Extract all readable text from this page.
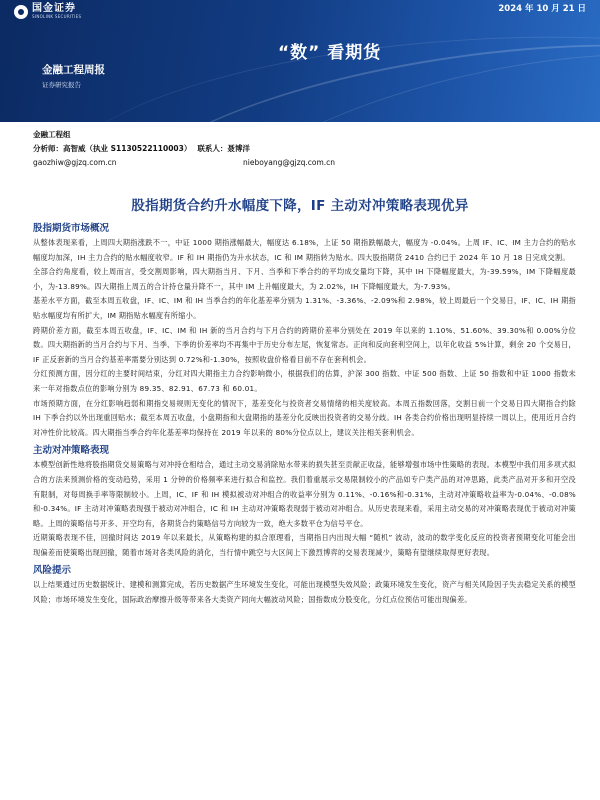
国金证券
SINOLINK SECURITIES
2024 年 10 月 21 日
金融工程周报
证券研究报告
“数” 看期货
金融工程组
分析师： 高智威（执业 S1130522110003） 联系人： 聂博洋
gaozhiw@gjzq.com.cn	nieboyang@gjzq.com.cn
股指期货合约升水幅度下降，IF 主动对冲策略表现优异
股指期货市场概况

从整体表现来看，上周四大期指涨跌不一，中证 1000 期指涨幅最大，幅度达 6.18%，上证 50 期指跌幅最大，幅度为 -0.04%。上周 IF、IC、IM 主力合约的贴水幅度均加深，IH 主力合约的贴水幅度收窄。IF 和 IH 期指仍为升水状态，IC 和 IM 期指转为贴水。四大股指期货 2410 合约已于 2024 年 10 月 18 日完成交割。

全部合约角度看，较上周而言，受交割周影响，四大期指当月、下月、当季和下季合约的平均成交量均下降，其中 IH 下降幅度最大，为-39.59%，IM 下降幅度最小，为-13.89%。四大期指上周五的合计持仓量升降不一，其中 IM 上升幅度最大，为 2.02%，IH 下降幅度最大，为-7.93%。

基差水平方面，截至本周五收盘，IF、IC、IM 和 IH 当季合约的年化基差率分别为 1.31%、-3.36%、-2.09%和 2.98%，较上周最后一个交易日，IF、IC、IH 期指贴水幅度均有所扩大，IM 期指贴水幅度有所缩小。

跨期价差方面，截至本周五收盘，IF、IC、IM 和 IH 新的当月合约与下月合约的跨期价差率分别处在 2019 年以来的 1.10%、51.60%、39.30%和 0.00%分位数。四大期指新的当月合约与下月、当季、下季的价差率均不再集中于历史分布左尾，恢复常态。正向和反向套利空间上，以年化收益 5%计算，剩余 20 个交易日，IF 正反套新的当月合约基差率需要分别达到 0.72%和-1.30%，按照收盘价格看目前不存在套利机会。

分红预测方面，因分红的主要时间结束，分红对四大期指主力合约影响微小，根据我们的估算，沪深 300 指数、中证 500 指数、上证 50 指数和中证 1000 指数未来一年对指数点位的影响分别为 89.35、82.91、67.73 和 60.01。

市场预期方面，在分红影响趋弱和期指交易规则无变化的情况下，基差变化与投资者交易情绪的相关度较高。本周五指数回落，交割日前一个交易日四大期指合约除 IH 下季合约以外出现重回贴水；截至本周五收盘，小盘期指和大盘期指的基差分化反映出投资者的交易分歧。IH 各类合约价格出现明显持续一周以上，使用近月合约对冲性价比较高。四大期指当季合约年化基差率均保持在 2019 年以来的 80%分位点以上，建议关注相关套利机会。

主动对冲策略表现

本模型创新性地将股指期货交易策略与对冲持仓相结合，通过主动交易消除贴水带来的损失甚至贡献正收益，能够增强市场中性策略的表现。本模型中我们用多项式拟合的方法来预测价格的变动趋势，采用 1 分钟的价格频率来进行拟合和监控。我们着重展示交易限制较小的产品如专户类产品的对冲思路，此类产品对开多和开空没有限制，对每周换手率等限制较小。上周，IC、IF 和 IH 模拟被动对冲组合的收益率分别为 0.11%、-0.16%和-0.31%，主动对冲策略收益率为-0.04%、-0.08%和-0.34%。IF 主动对冲策略表现强于被动对冲组合，IC 和 IH 主动对冲策略表现弱于被动对冲组合。从历史表现来看，采用主动交易的对冲策略表现优于被动对冲策略。上周的策略信号开多、开空均有，各期货合约策略信号方向较为一致，绝大多数平仓为信号平仓。

近期策略表现不佳，回撤时间达 2019 年以来最长，从策略构建的拟合原理看，当期指日内出现大幅 “随机” 波动，波动的数学变化反应的投资者预期变化可能会出现偏差而使策略出现回撤，随着市场对各类风险的消化，当行情中跳空与大区间上下激烈博弈的交易表现减少，策略有望继续取得更好表现。

风险提示

以上结果通过历史数据统计、建模和测算完成，若历史数据产生环境发生变化，可能出现模型失效风险；政策环境发生变化，资产与相关风险因子失去稳定关系的模型风险；市场环境发生变化，国际政治摩擦升级等带来各大类资产同向大幅波动风险；国指数成分股变化，分红点位预估可能出现偏差。
